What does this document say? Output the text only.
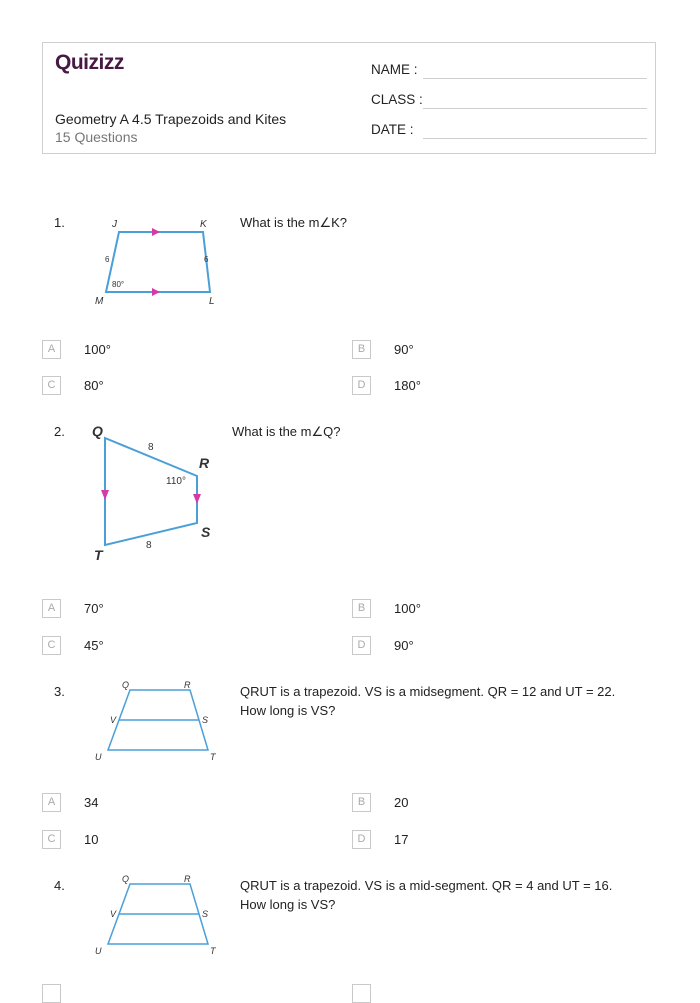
Quizizz
Geometry A 4.5 Trapezoids and Kites
15 Questions
NAME :
CLASS :
DATE :
1.	J	K
M	L
6	6
80°
What is the m∠K?
A	100°	B	90°
C	80°	D	180°
2. Q
R
S
T
8
8
110°
What is the m∠Q?
A	70°	B	100°
C	45°	D	90°
3.	Q	R
V	S
U	T
QRUT is a trapezoid. VS is a midsegment. QR = 12 and UT = 22.
How long is VS?
A	34	B	20
C	10	D	17
4.	Q	R
V	S
U	T
QRUT is a trapezoid. VS is a mid-segment. QR = 4 and UT = 16.
How long is VS?
